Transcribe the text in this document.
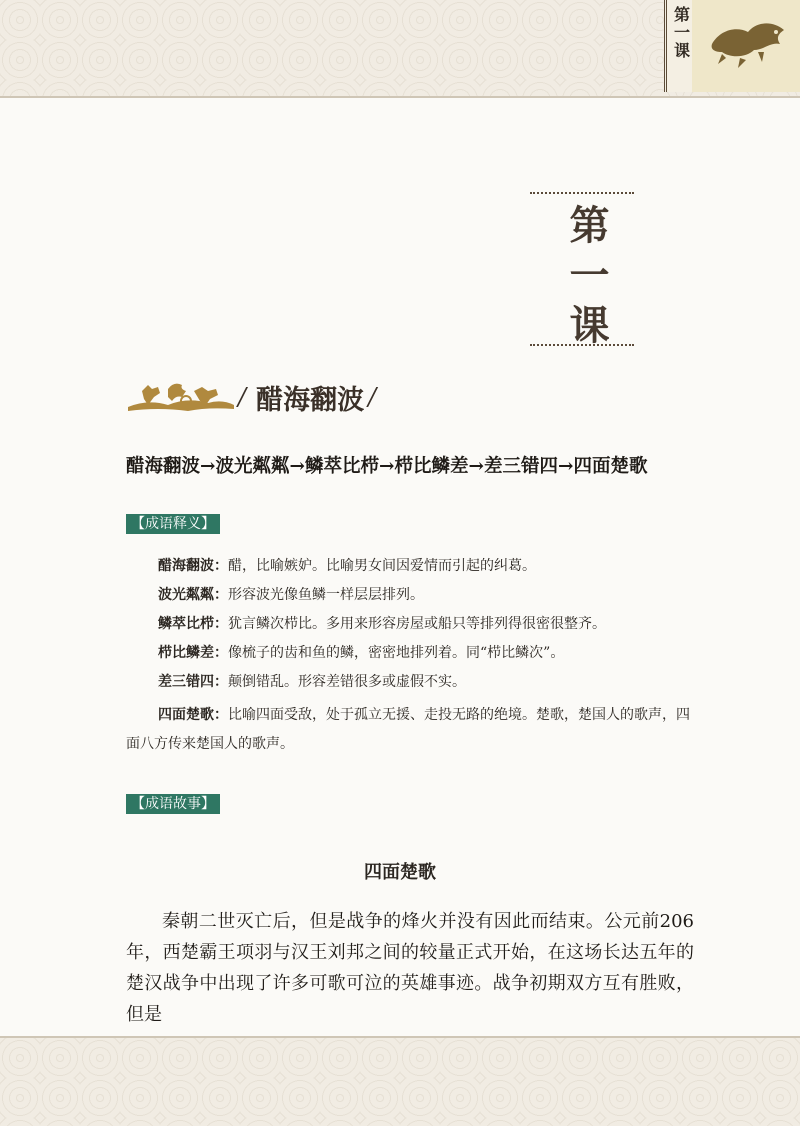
第一课
第一课
/ 醋海翻波 /
醋海翻波→波光粼粼→鳞萃比栉→栉比鳞差→差三错四→四面楚歌
【成语释义】
醋海翻波：醋，比喻嫉妒。比喻男女间因爱情而引起的纠葛。
波光粼粼：形容波光像鱼鳞一样层层排列。
鳞萃比栉：犹言鳞次栉比。多用来形容房屋或船只等排列得很密很整齐。
栉比鳞差：像梳子的齿和鱼的鳞，密密地排列着。同“栉比鳞次”。
差三错四：颠倒错乱。形容差错很多或虚假不实。
四面楚歌：比喻四面受敌，处于孤立无援、走投无路的绝境。楚歌，楚国人的歌声，四面八方传来楚国人的歌声。
【成语故事】
四面楚歌
秦朝二世灭亡后，但是战争的烽火并没有因此而结束。公元前206年，西楚霸王项羽与汉王刘邦之间的较量正式开始，在这场长达五年的楚汉战争中出现了许多可歌可泣的英雄事迹。战争初期双方互有胜败，但是
